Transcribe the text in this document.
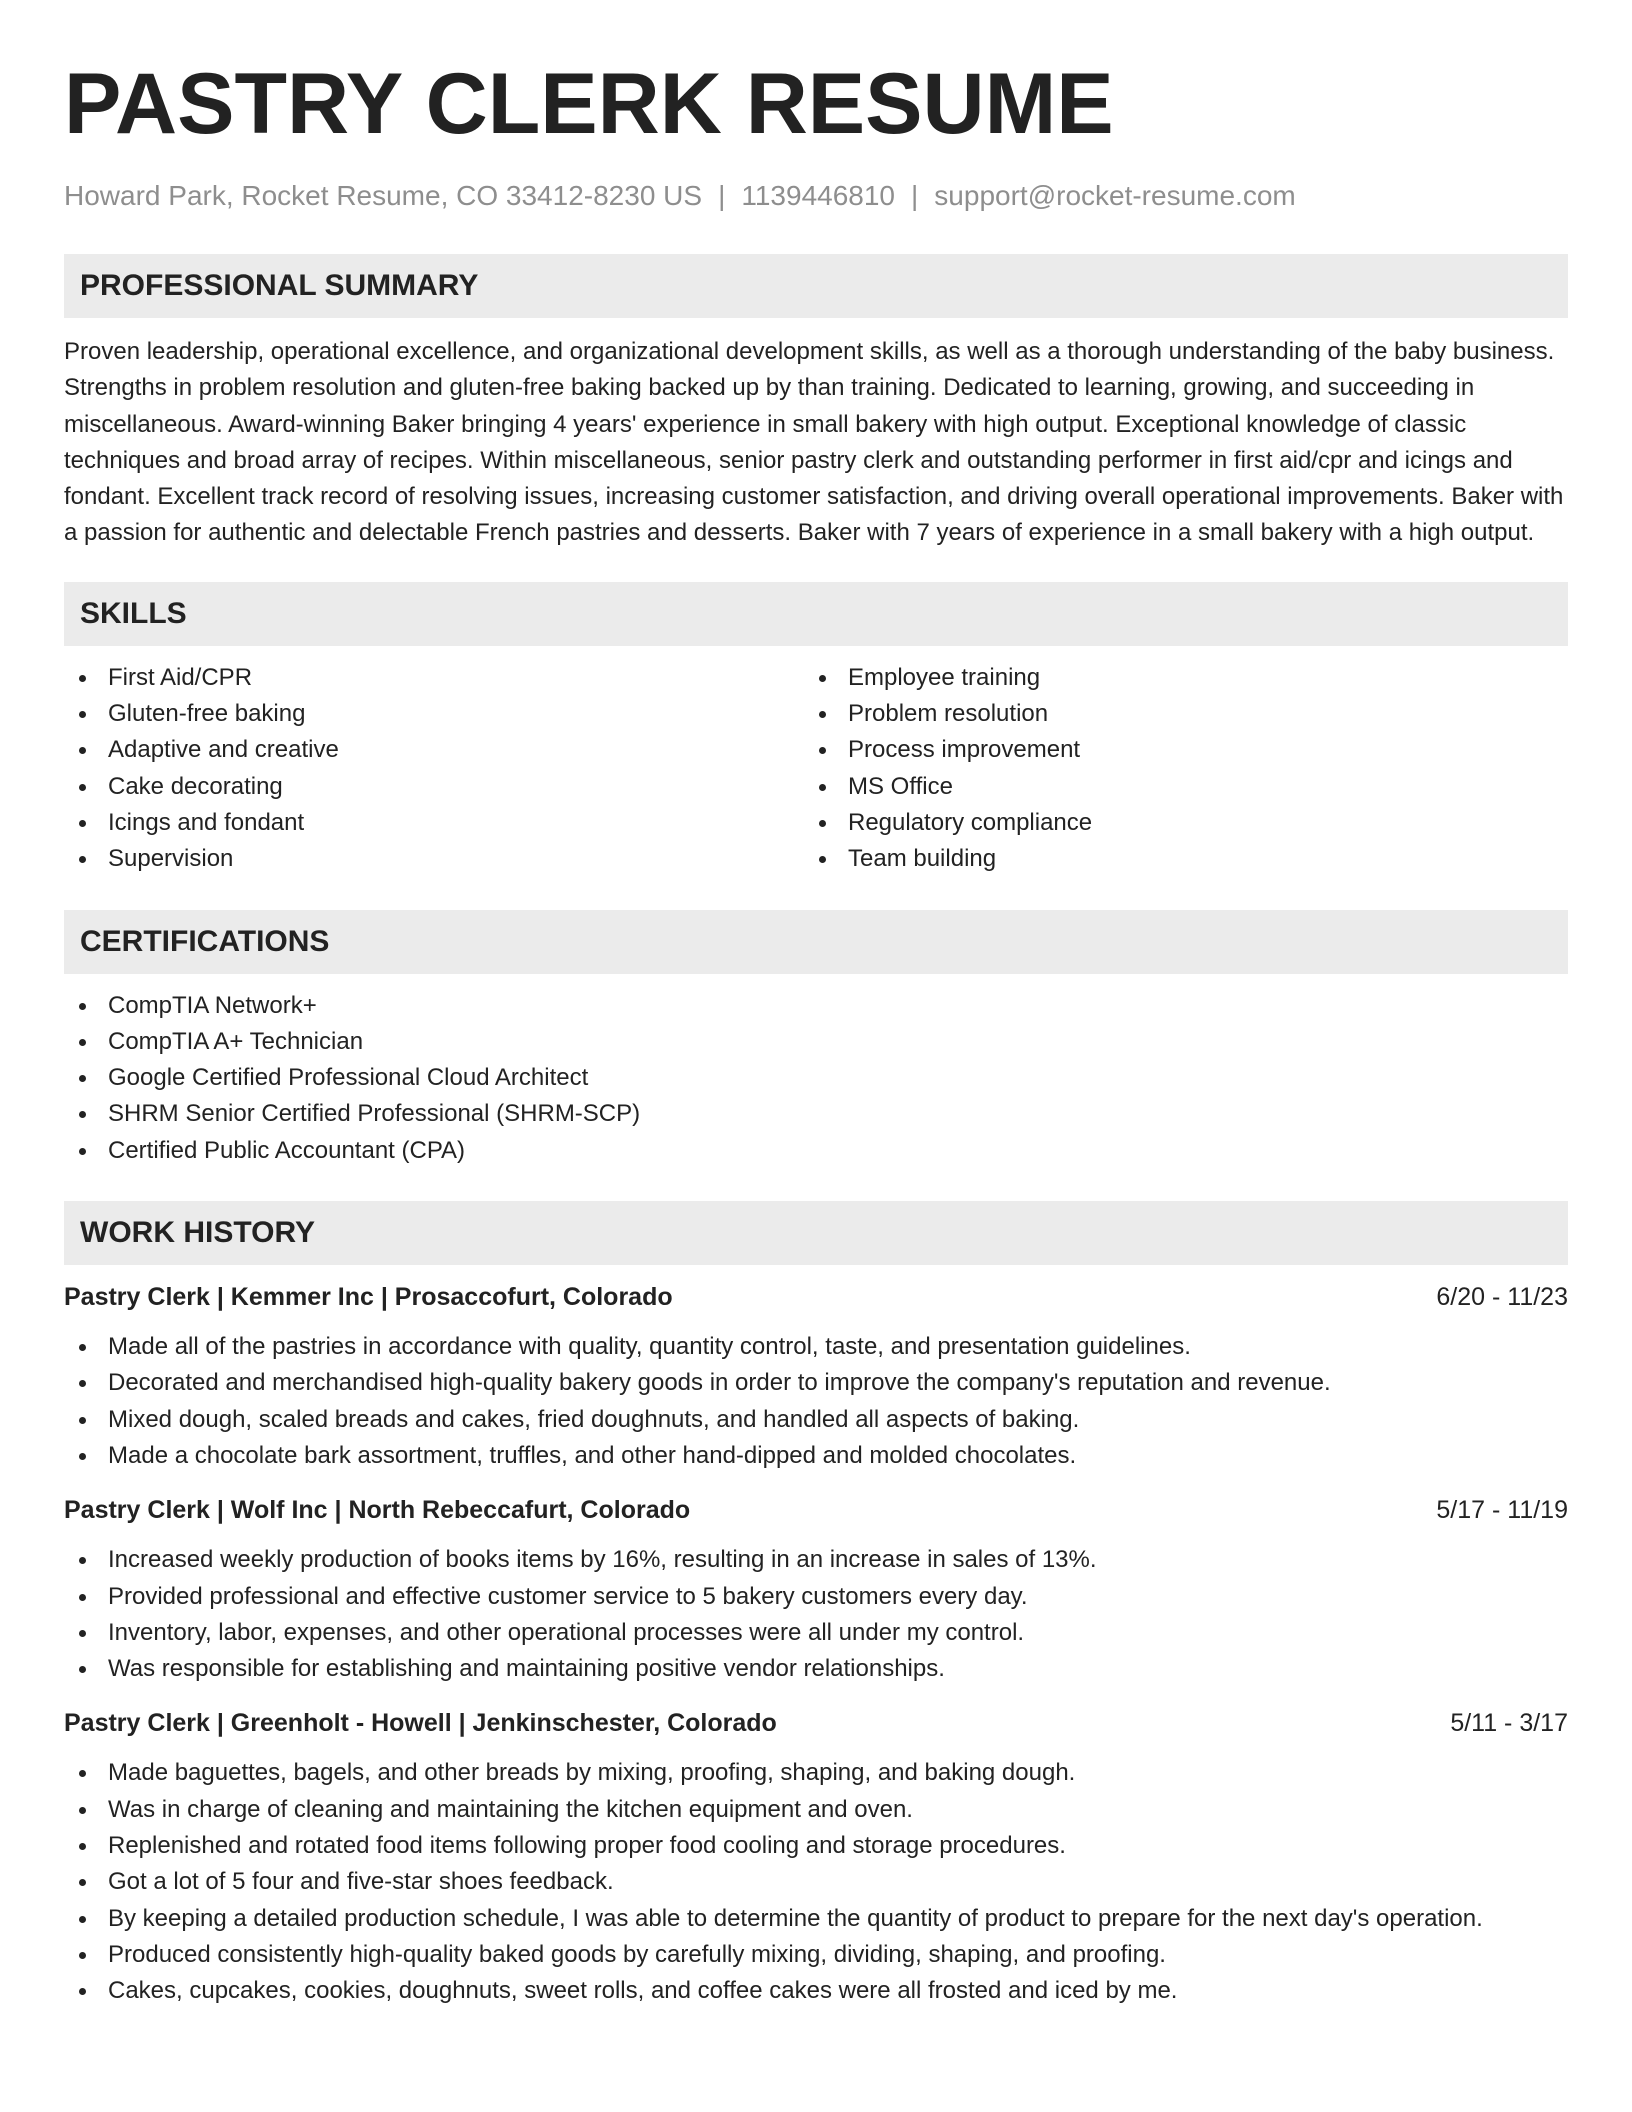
PASTRY CLERK RESUME
Howard Park, Rocket Resume, CO 33412-8230 US | 1139446810 | support@rocket-resume.com
PROFESSIONAL SUMMARY

Proven leadership, operational excellence, and organizational development skills, as well as a thorough understanding of the baby business. Strengths in problem resolution and gluten-free baking backed up by than training. Dedicated to learning, growing, and succeeding in miscellaneous. Award-winning Baker bringing 4 years' experience in small bakery with high output. Exceptional knowledge of classic techniques and broad array of recipes. Within miscellaneous, senior pastry clerk and outstanding performer in first aid/cpr and icings and fondant. Excellent track record of resolving issues, increasing customer satisfaction, and driving overall operational improvements. Baker with a passion for authentic and delectable French pastries and desserts. Baker with 7 years of experience in a small bakery with a high output.

SKILLS
First Aid/CPR
Gluten-free baking
Adaptive and creative
Cake decorating
Icings and fondant
Supervision
Employee training
Problem resolution
Process improvement
MS Office
Regulatory compliance
Team building
CERTIFICATIONS
CompTIA Network+
CompTIA A+ Technician
Google Certified Professional Cloud Architect
SHRM Senior Certified Professional (SHRM-SCP)
Certified Public Accountant (CPA)
WORK HISTORY
Pastry Clerk | Kemmer Inc | Prosaccofurt, Colorado	6/20 - 11/23
Made all of the pastries in accordance with quality, quantity control, taste, and presentation guidelines.
Decorated and merchandised high-quality bakery goods in order to improve the company's reputation and revenue.
Mixed dough, scaled breads and cakes, fried doughnuts, and handled all aspects of baking.
Made a chocolate bark assortment, truffles, and other hand-dipped and molded chocolates.
Pastry Clerk | Wolf Inc | North Rebeccafurt, Colorado	5/17 - 11/19
Increased weekly production of books items by 16%, resulting in an increase in sales of 13%.
Provided professional and effective customer service to 5 bakery customers every day.
Inventory, labor, expenses, and other operational processes were all under my control.
Was responsible for establishing and maintaining positive vendor relationships.
Pastry Clerk | Greenholt - Howell | Jenkinschester, Colorado	5/11 - 3/17
Made baguettes, bagels, and other breads by mixing, proofing, shaping, and baking dough.
Was in charge of cleaning and maintaining the kitchen equipment and oven.
Replenished and rotated food items following proper food cooling and storage procedures.
Got a lot of 5 four and five-star shoes feedback.
By keeping a detailed production schedule, I was able to determine the quantity of product to prepare for the next day's operation.
Produced consistently high-quality baked goods by carefully mixing, dividing, shaping, and proofing.
Cakes, cupcakes, cookies, doughnuts, sweet rolls, and coffee cakes were all frosted and iced by me.
